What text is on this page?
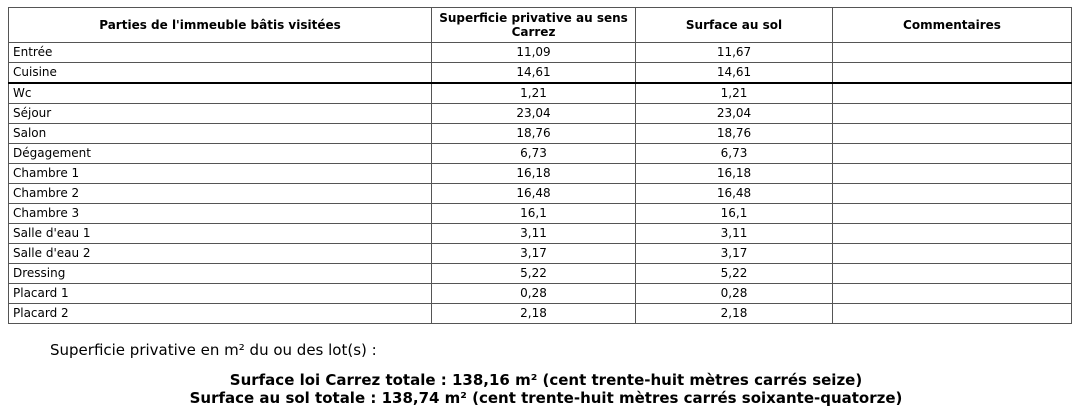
Parties de l'immeuble bâtis visitées	Superficie privative au sens Carrez	Surface au sol	Commentaires
Entrée	11,09	11,67	
Cuisine	14,61	14,61	
Wc	1,21	1,21	
Séjour	23,04	23,04	
Salon	18,76	18,76	
Dégagement	6,73	6,73	
Chambre 1	16,18	16,18	
Chambre 2	16,48	16,48	
Chambre 3	16,1	16,1	
Salle d'eau 1	3,11	3,11	
Salle d'eau 2	3,17	3,17	
Dressing	5,22	5,22	
Placard 1	0,28	0,28	
Placard 2	2,18	2,18	
Superficie privative en m² du ou des lot(s) :
Surface loi Carrez totale : 138,16 m² (cent trente-huit mètres carrés seize)
Surface au sol totale : 138,74 m² (cent trente-huit mètres carrés soixante-quatorze)
